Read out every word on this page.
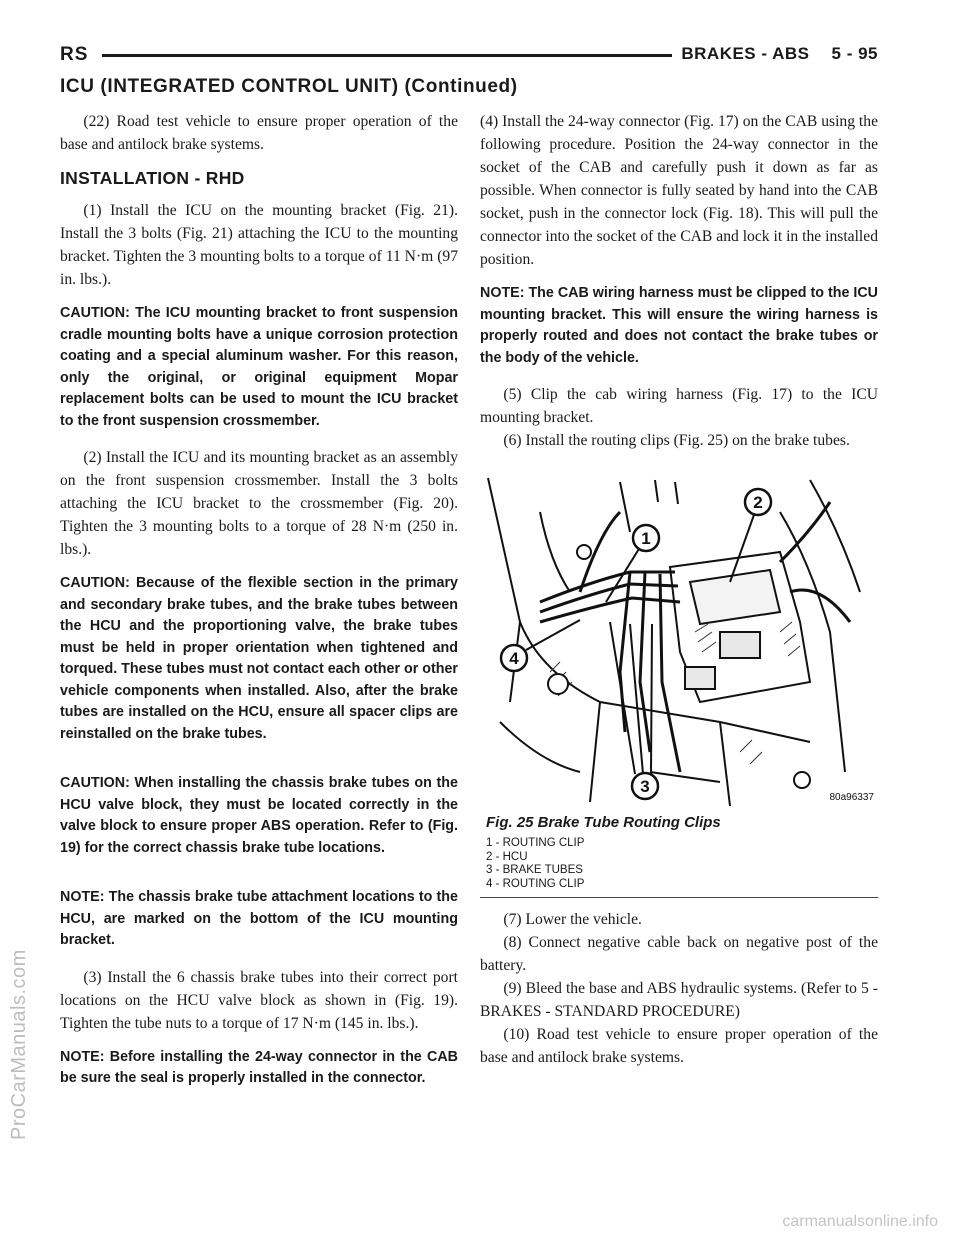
RS	BRAKES - ABS 5 - 95
ICU (INTEGRATED CONTROL UNIT) (Continued)

(22) Road test vehicle to ensure proper operation of the base and antilock brake systems.

INSTALLATION - RHD

(1) Install the ICU on the mounting bracket (Fig. 21). Install the 3 bolts (Fig. 21) attaching the ICU to the mounting bracket. Tighten the 3 mounting bolts to a torque of 11 N·m (97 in. lbs.).

CAUTION: The ICU mounting bracket to front suspension cradle mounting bolts have a unique corrosion protection coating and a special aluminum washer. For this reason, only the original, or original equipment Mopar replacement bolts can be used to mount the ICU bracket to the front suspension crossmember.

(2) Install the ICU and its mounting bracket as an assembly on the front suspension crossmember. Install the 3 bolts attaching the ICU bracket to the crossmember (Fig. 20). Tighten the 3 mounting bolts to a torque of 28 N·m (250 in. lbs.).

CAUTION: Because of the flexible section in the primary and secondary brake tubes, and the brake tubes between the HCU and the proportioning valve, the brake tubes must be held in proper orientation when tightened and torqued. These tubes must not contact each other or other vehicle components when installed. Also, after the brake tubes are installed on the HCU, ensure all spacer clips are reinstalled on the brake tubes.

CAUTION: When installing the chassis brake tubes on the HCU valve block, they must be located correctly in the valve block to ensure proper ABS operation. Refer to (Fig. 19) for the correct chassis brake tube locations.

NOTE: The chassis brake tube attachment locations to the HCU, are marked on the bottom of the ICU mounting bracket.

(3) Install the 6 chassis brake tubes into their correct port locations on the HCU valve block as shown in (Fig. 19). Tighten the tube nuts to a torque of 17 N·m (145 in. lbs.).

NOTE: Before installing the 24-way connector in the CAB be sure the seal is properly installed in the connector.

(4) Install the 24-way connector (Fig. 17) on the CAB using the following procedure. Position the 24-way connector in the socket of the CAB and carefully push it down as far as possible. When connector is fully seated by hand into the CAB socket, push in the connector lock (Fig. 18). This will pull the connector into the socket of the CAB and lock it in the installed position.

NOTE: The CAB wiring harness must be clipped to the ICU mounting bracket. This will ensure the wiring harness is properly routed and does not contact the brake tubes or the body of the vehicle.

(5) Clip the cab wiring harness (Fig. 17) to the ICU mounting bracket.

(6) Install the routing clips (Fig. 25) on the brake tubes.

1
2
4
3
80a96337
Fig. 25 Brake Tube Routing Clips
1 - ROUTING CLIP
2 - HCU
3 - BRAKE TUBES
4 - ROUTING CLIP

(7) Lower the vehicle.

(8) Connect negative cable back on negative post of the battery.

(9) Bleed the base and ABS hydraulic systems. (Refer to 5 - BRAKES - STANDARD PROCEDURE)

(10) Road test vehicle to ensure proper operation of the base and antilock brake systems.

ProCarManuals.com
carmanualsonline.info
